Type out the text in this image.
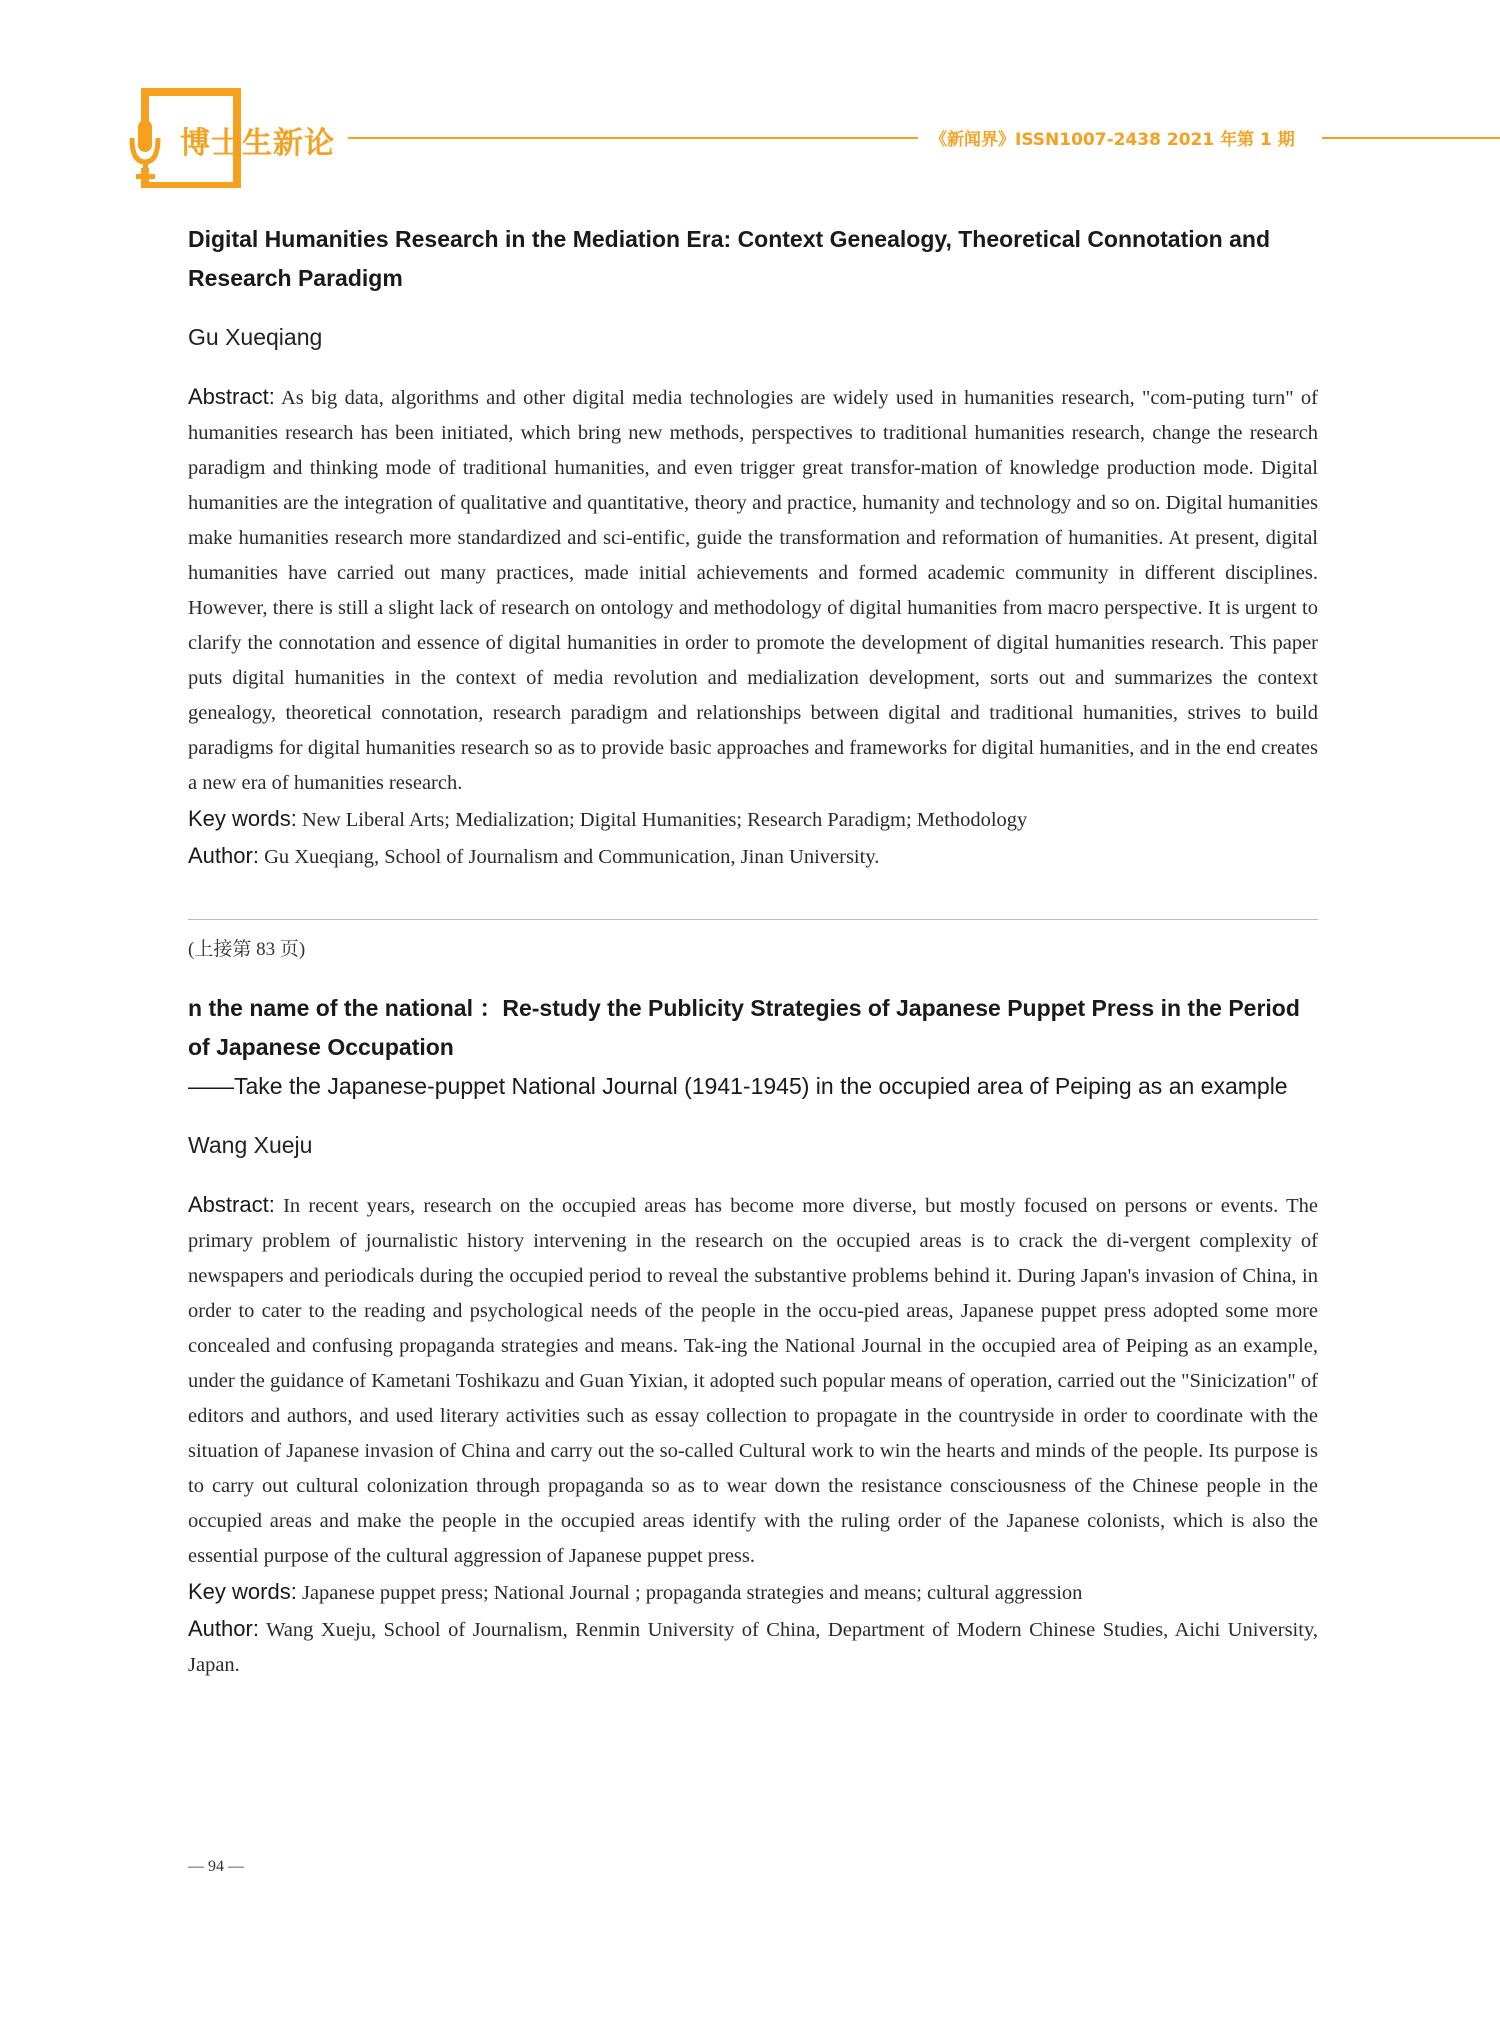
博士生新论	《新闻界》ISSN1007-2438 2021 年第 1 期
Digital Humanities Research in the Mediation Era: Context Genealogy, Theoretical Connotation and Research Paradigm
Gu Xueqiang
Abstract: As big data, algorithms and other digital media technologies are widely used in humanities research, "com-puting turn" of humanities research has been initiated, which bring new methods, perspectives to traditional humanities research, change the research paradigm and thinking mode of traditional humanities, and even trigger great transfor-mation of knowledge production mode. Digital humanities are the integration of qualitative and quantitative, theory and practice, humanity and technology and so on. Digital humanities make humanities research more standardized and sci-entific, guide the transformation and reformation of humanities. At present, digital humanities have carried out many practices, made initial achievements and formed academic community in different disciplines. However, there is still a slight lack of research on ontology and methodology of digital humanities from macro perspective. It is urgent to clarify the connotation and essence of digital humanities in order to promote the development of digital humanities research. This paper puts digital humanities in the context of media revolution and medialization development, sorts out and summarizes the context genealogy, theoretical connotation, research paradigm and relationships between digital and traditional humanities, strives to build paradigms for digital humanities research so as to provide basic approaches and frameworks for digital humanities, and in the end creates a new era of humanities research.
Key words: New Liberal Arts; Medialization; Digital Humanities; Research Paradigm; Methodology
Author: Gu Xueqiang, School of Journalism and Communication, Jinan University.
(上接第 83 页)
n the name of the national ：Re-study the Publicity Strategies of Japanese Puppet Press in the Period of Japanese Occupation
——Take the Japanese-puppet National Journal (1941-1945) in the occupied area of Peiping as an example
Wang Xueju
Abstract: In recent years, research on the occupied areas has become more diverse, but mostly focused on persons or events. The primary problem of journalistic history intervening in the research on the occupied areas is to crack the di-vergent complexity of newspapers and periodicals during the occupied period to reveal the substantive problems behind it. During Japan's invasion of China, in order to cater to the reading and psychological needs of the people in the occu-pied areas, Japanese puppet press adopted some more concealed and confusing propaganda strategies and means. Tak-ing the National Journal in the occupied area of Peiping as an example, under the guidance of Kametani Toshikazu and Guan Yixian, it adopted such popular means of operation, carried out the "Sinicization" of editors and authors, and used literary activities such as essay collection to propagate in the countryside in order to coordinate with the situation of Japanese invasion of China and carry out the so-called Cultural work to win the hearts and minds of the people. Its purpose is to carry out cultural colonization through propaganda so as to wear down the resistance consciousness of the Chinese people in the occupied areas and make the people in the occupied areas identify with the ruling order of the Japanese colonists, which is also the essential purpose of the cultural aggression of Japanese puppet press.
Key words: Japanese puppet press; National Journal ; propaganda strategies and means; cultural aggression
Author: Wang Xueju, School of Journalism, Renmin University of China, Department of Modern Chinese Studies, Aichi University, Japan.
— 94 —
